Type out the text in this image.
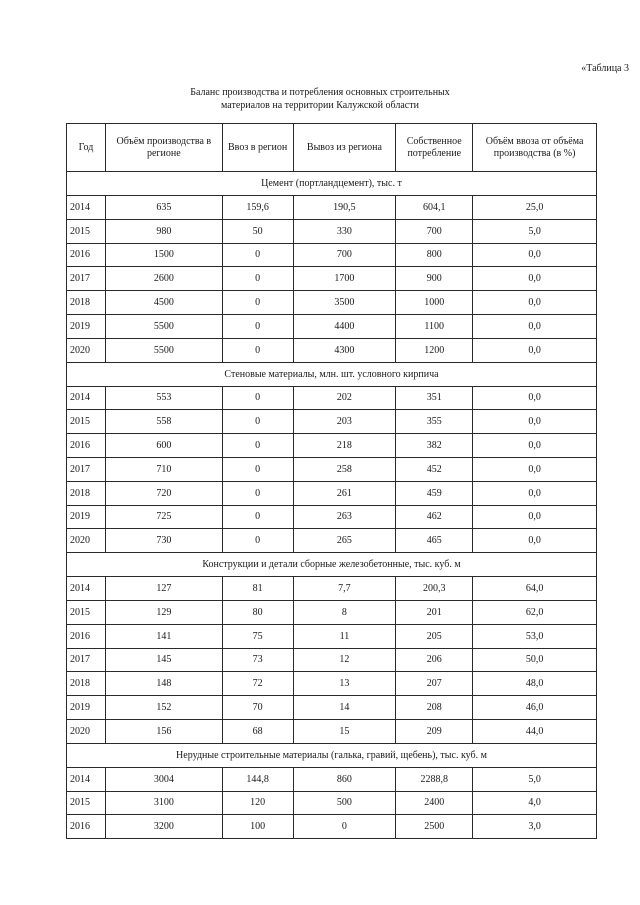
«Таблица 3
Баланс производства и потребления основных строительных
материалов на территории Калужской области
Год	Объём производства в регионе	Ввоз в регион	Вывоз из региона	Собственное потребление	Объём ввоза от объёма производства (в %)
Цемент (портландцемент), тыс. т					
2014	635	159,6	190,5	604,1	25,0
2015	980	50	330	700	5,0
2016	1500	0	700	800	0,0
2017	2600	0	1700	900	0,0
2018	4500	0	3500	1000	0,0
2019	5500	0	4400	1100	0,0
2020	5500	0	4300	1200	0,0
Стеновые материалы, млн. шт. условного кирпича					
2014	553	0	202	351	0,0
2015	558	0	203	355	0,0
2016	600	0	218	382	0,0
2017	710	0	258	452	0,0
2018	720	0	261	459	0,0
2019	725	0	263	462	0,0
2020	730	0	265	465	0,0
Конструкции и детали сборные железобетонные, тыс. куб. м					
2014	127	81	7,7	200,3	64,0
2015	129	80	8	201	62,0
2016	141	75	11	205	53,0
2017	145	73	12	206	50,0
2018	148	72	13	207	48,0
2019	152	70	14	208	46,0
2020	156	68	15	209	44,0
Нерудные строительные материалы (галька, гравий, щебень), тыс. куб. м					
2014	3004	144,8	860	2288,8	5,0
2015	3100	120	500	2400	4,0
2016	3200	100	0	2500	3,0
